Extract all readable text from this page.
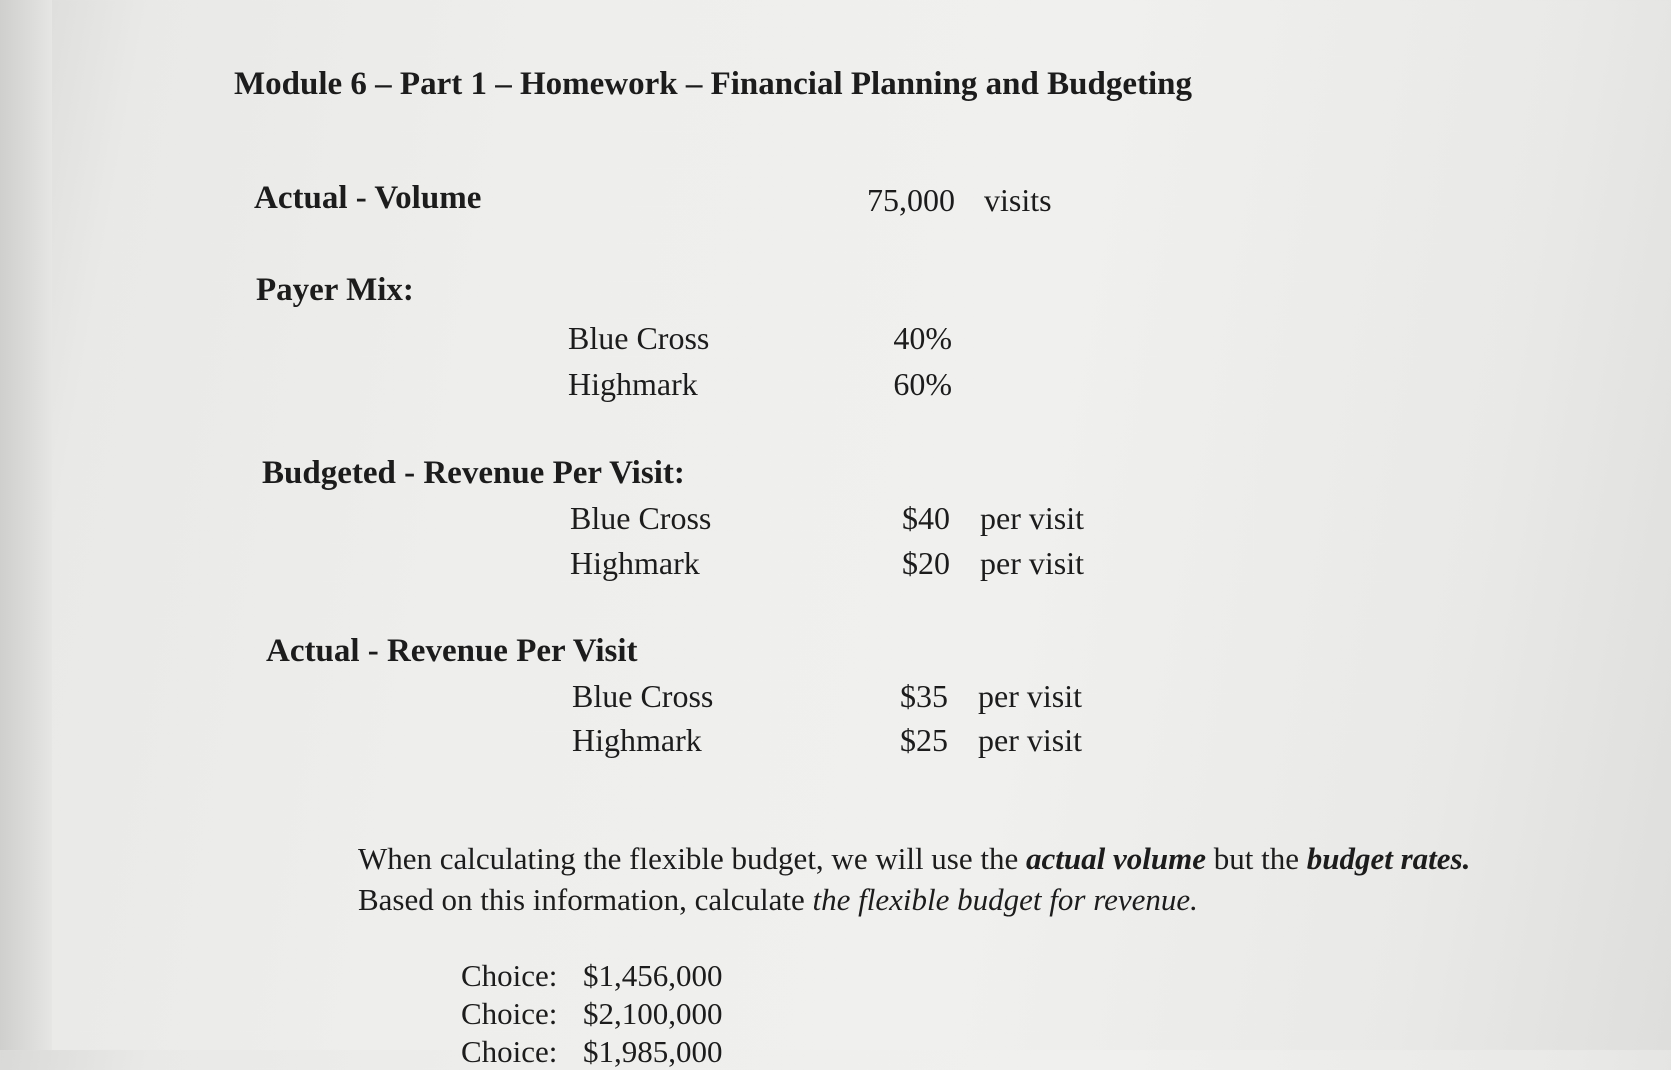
Module 6 – Part 1 – Homework – Financial Planning and Budgeting
Actual - Volume	75,000 visits
Payer Mix:
Blue Cross	40%
Highmark	60%
Budgeted - Revenue Per Visit:
Blue Cross	$40 per visit
Highmark	$20 per visit
Actual - Revenue Per Visit
Blue Cross	$35 per visit
Highmark	$25 per visit
When calculating the flexible budget, we will use the actual volume but the budget rates.
Based on this information, calculate the flexible budget for revenue.
Choice: $1,456,000
Choice: $2,100,000
Choice: $1,985,000
